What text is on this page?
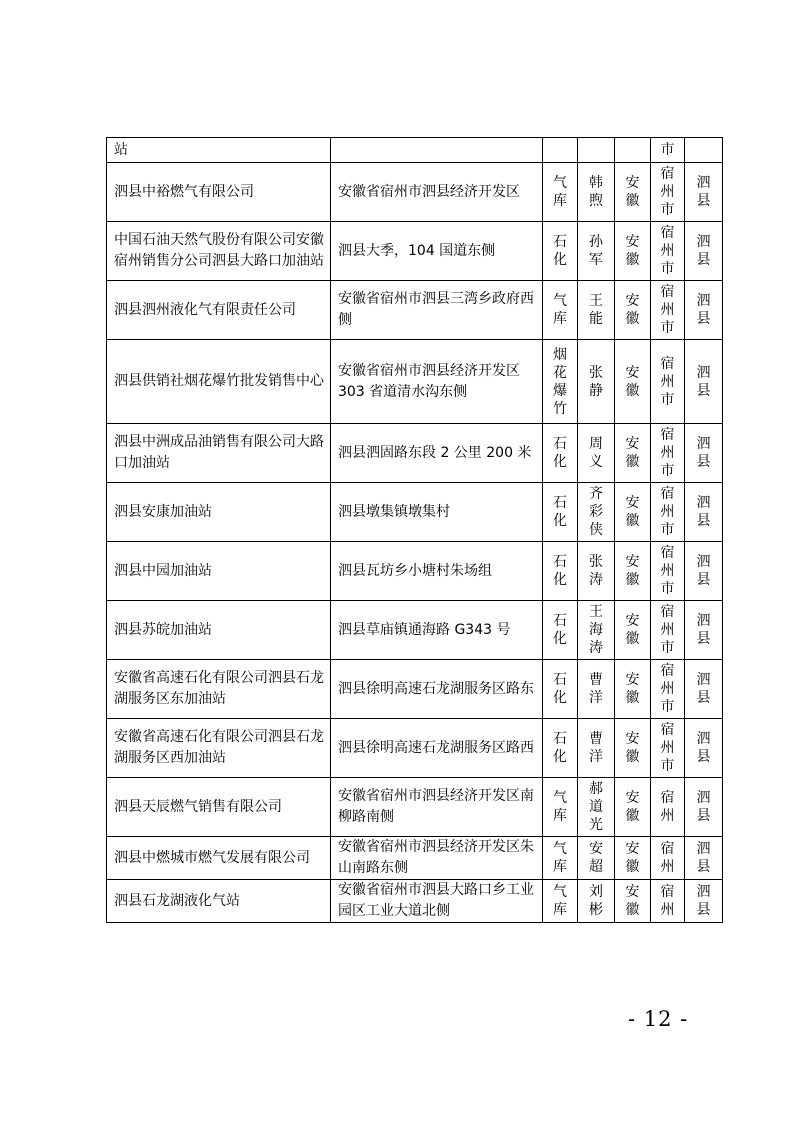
站					市	

泗县中裕燃气有限公司	安徽省宿州市泗县经济开发区	气库	韩煦	安徽	宿州市	泗县

中国石油天然气股份有限公司安徽宿州销售分公司泗县大路口加油站	泗县大季，104 国道东侧	石化	孙军	安徽	宿州市	泗县

泗县泗州液化气有限责任公司	安徽省宿州市泗县三湾乡政府西侧	气库	王能	安徽	宿州市	泗县

泗县供销社烟花爆竹批发销售中心	安徽省宿州市泗县经济开发区 303 省道清水沟东侧	烟花爆竹	张静	安徽	宿州市	泗县

泗县中洲成品油销售有限公司大路口加油站	泗县泗固路东段 2 公里 200 米	石化	周义	安徽	宿州市	泗县

泗县安康加油站	泗县墩集镇墩集村	石化	齐彩侠	安徽	宿州市	泗县

泗县中园加油站	泗县瓦坊乡小塘村朱场组	石化	张涛	安徽	宿州市	泗县

泗县苏皖加油站	泗县草庙镇通海路 G343 号	石化	王海涛	安徽	宿州市	泗县

安徽省高速石化有限公司泗县石龙湖服务区东加油站	泗县徐明高速石龙湖服务区路东	石化	曹洋	安徽	宿州市	泗县

安徽省高速石化有限公司泗县石龙湖服务区西加油站	泗县徐明高速石龙湖服务区路西	石化	曹洋	安徽	宿州市	泗县

泗县天辰燃气销售有限公司	安徽省宿州市泗县经济开发区南柳路南侧	气库	郝道光	安徽	宿州	泗县

泗县中燃城市燃气发展有限公司	安徽省宿州市泗县经济开发区朱山南路东侧	气库	安超	安徽	宿州	泗县

泗县石龙湖液化气站	安徽省宿州市泗县大路口乡工业园区工业大道北侧	气库	刘彬	安徽	宿州	泗县
- 12 -
